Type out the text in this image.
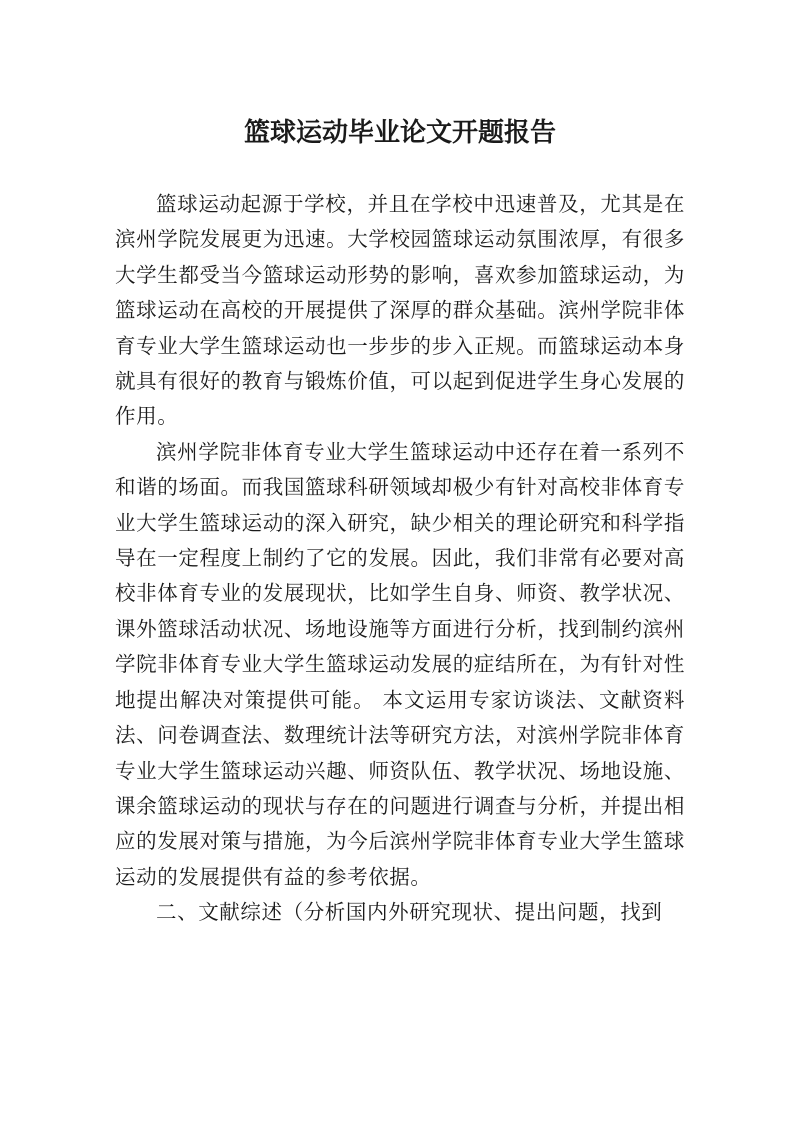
篮球运动毕业论文开题报告

篮球运动起源于学校，并且在学校中迅速普及，尤其是在滨州学院发展更为迅速。大学校园篮球运动氛围浓厚，有很多大学生都受当今篮球运动形势的影响，喜欢参加篮球运动，为篮球运动在高校的开展提供了深厚的群众基础。滨州学院非体育专业大学生篮球运动也一步步的步入正规。而篮球运动本身就具有很好的教育与锻炼价值，可以起到促进学生身心发展的作用。

滨州学院非体育专业大学生篮球运动中还存在着一系列不和谐的场面。而我国篮球科研领域却极少有针对高校非体育专业大学生篮球运动的深入研究，缺少相关的理论研究和科学指导在一定程度上制约了它的发展。因此，我们非常有必要对高校非体育专业的发展现状，比如学生自身、师资、教学状况、课外篮球活动状况、场地设施等方面进行分析，找到制约滨州学院非体育专业大学生篮球运动发展的症结所在，为有针对性地提出解决对策提供可能。 本文运用专家访谈法、文献资料法、问卷调查法、数理统计法等研究方法，对滨州学院非体育专业大学生篮球运动兴趣、师资队伍、教学状况、场地设施、课余篮球运动的现状与存在的问题进行调查与分析，并提出相应的发展对策与措施，为今后滨州学院非体育专业大学生篮球运动的发展提供有益的参考依据。

二、文献综述（分析国内外研究现状、提出问题，找到
